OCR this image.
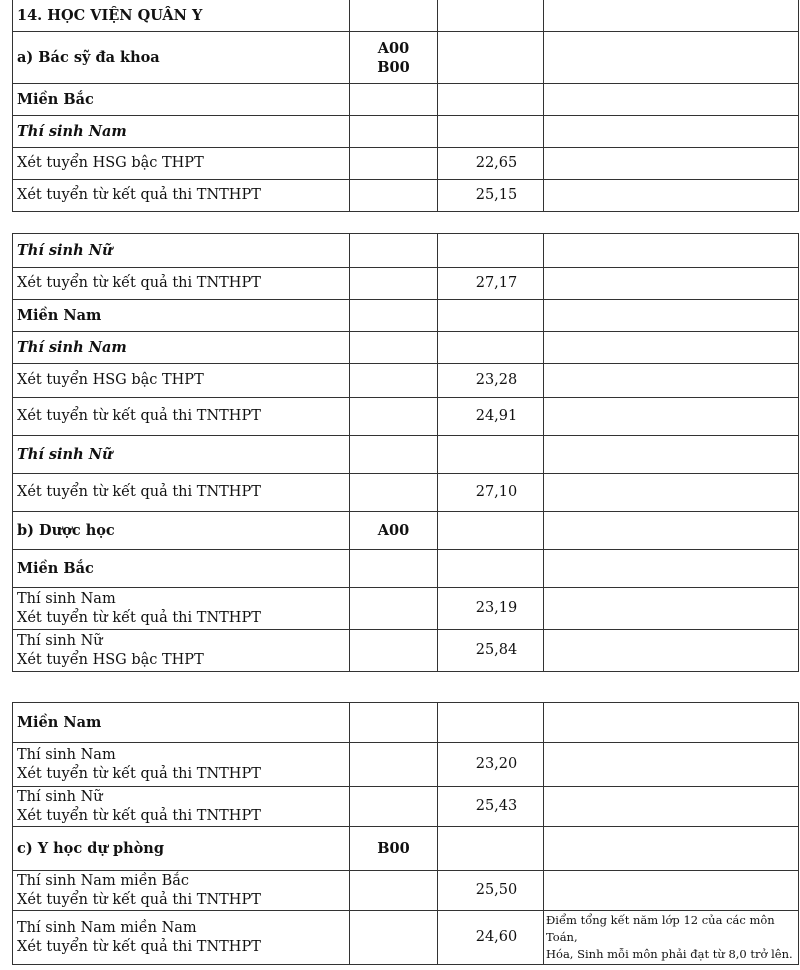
14. HỌC VIỆN QUÂN Y			
a) Bác sỹ đa khoa	A00
B00		
Miền Bắc			
Thí sinh Nam			
Xét tuyển HSG bậc THPT		22,65	
Xét tuyển từ kết quả thi TNTHPT		25,15	
Thí sinh Nữ			
Xét tuyển từ kết quả thi TNTHPT		27,17	
Miền Nam			
Thí sinh Nam			
Xét tuyển HSG bậc THPT		23,28	
Xét tuyển từ kết quả thi TNTHPT		24,91	
Thí sinh Nữ			
Xét tuyển từ kết quả thi TNTHPT		27,10	
b) Dược học	A00		
Miền Bắc			
Thí sinh Nam
Xét tuyển từ kết quả thi TNTHPT		23,19	
Thí sinh Nữ
Xét tuyển HSG bậc THPT		25,84	
Miền Nam			
Thí sinh Nam
Xét tuyển từ kết quả thi TNTHPT		23,20	
Thí sinh Nữ
Xét tuyển từ kết quả thi TNTHPT		25,43	
c) Y học dự phòng	B00		
Thí sinh Nam miền Bắc
Xét tuyển từ kết quả thi TNTHPT		25,50	
Thí sinh Nam miền Nam
Xét tuyển từ kết quả thi TNTHPT		24,60	Điểm tổng kết năm lớp 12 của các môn Toán,
Hóa, Sinh mỗi môn phải đạt từ 8,0 trở lên.
